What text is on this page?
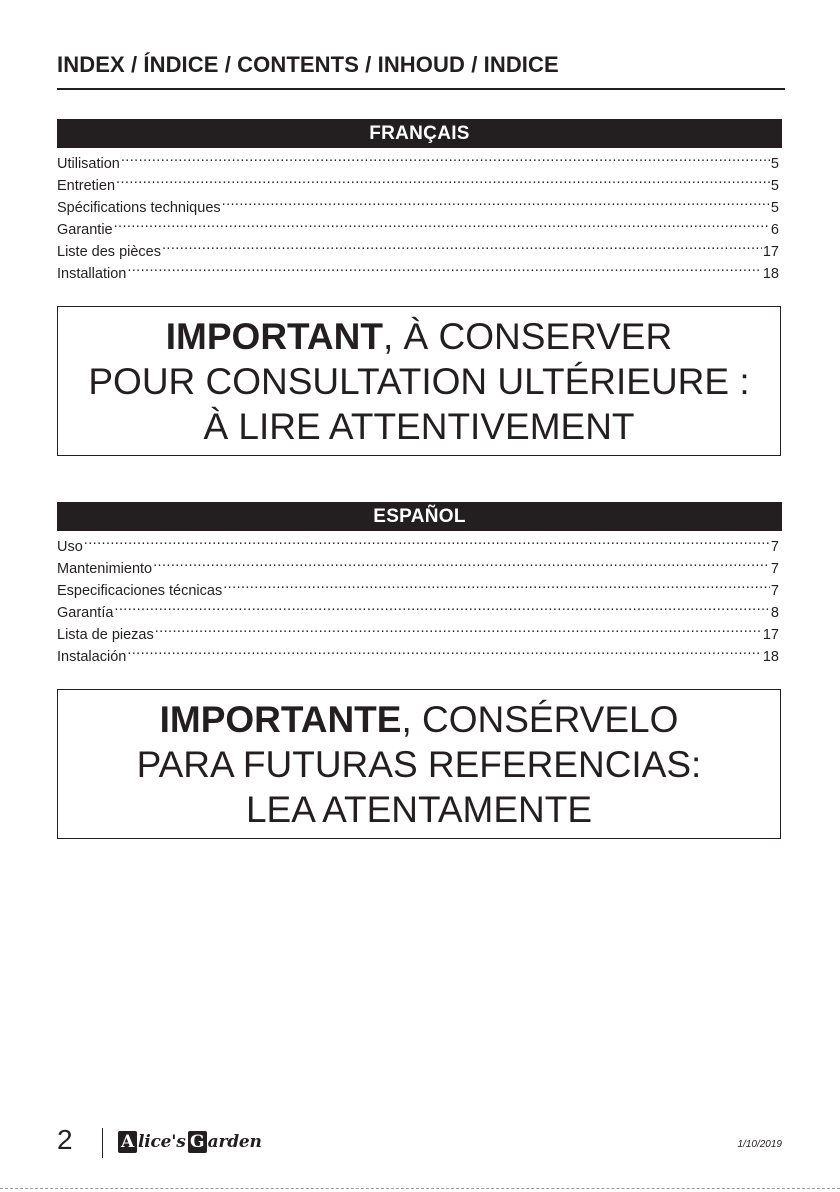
INDEX / ÍNDICE / CONTENTS / INHOUD / INDICE
FRANÇAIS
Utilisation .....	5
Entretien .....	5
Spécifications techniques .....	5
Garantie .....	6
Liste des pièces .....	17
Installation .....	18
IMPORTANT, À CONSERVER
POUR CONSULTATION ULTÉRIEURE :
À LIRE ATTENTIVEMENT
ESPAÑOL
Uso .....	7
Mantenimiento .....	7
Especificaciones técnicas .....	7
Garantía .....	8
Lista de piezas .....	17
Instalación .....	18
IMPORTANTE, CONSÉRVELO
PARA FUTURAS REFERENCIAS:
LEA ATENTAMENTE
2	A lice's G arden	1/10/2019
